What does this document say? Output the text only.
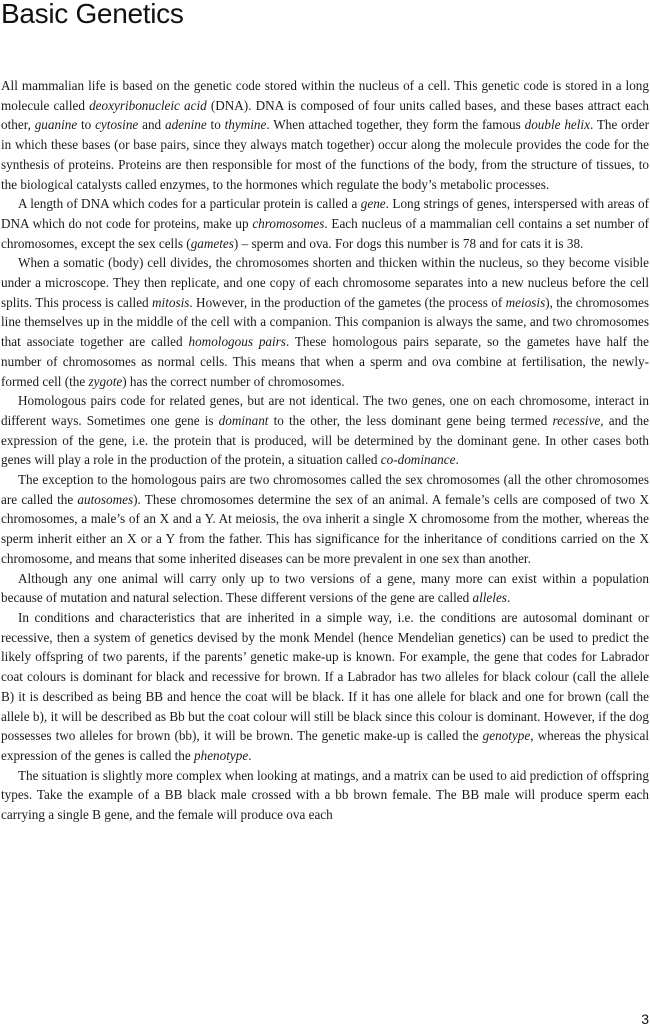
Basic Genetics

All mammalian life is based on the genetic code stored within the nucleus of a cell. This genetic code is stored in a long molecule called deoxyribonucleic acid (DNA). DNA is composed of four units called bases, and these bases attract each other, guanine to cytosine and adenine to thymine. When attached together, they form the famous double helix. The order in which these bases (or base pairs, since they always match together) occur along the molecule provides the code for the synthesis of proteins. Proteins are then responsible for most of the functions of the body, from the structure of tissues, to the biological catalysts called enzymes, to the hormones which regulate the body’s metabolic processes.

A length of DNA which codes for a particular protein is called a gene. Long strings of genes, interspersed with areas of DNA which do not code for proteins, make up chromosomes. Each nucleus of a mammalian cell contains a set number of chromosomes, except the sex cells (gametes) – sperm and ova. For dogs this number is 78 and for cats it is 38.

When a somatic (body) cell divides, the chromosomes shorten and thicken within the nucleus, so they become visible under a microscope. They then replicate, and one copy of each chromosome separates into a new nucleus before the cell splits. This process is called mitosis. However, in the production of the gametes (the process of meiosis), the chromosomes line themselves up in the middle of the cell with a companion. This companion is always the same, and two chromosomes that associate together are called homologous pairs. These homologous pairs separate, so the gametes have half the number of chromosomes as normal cells. This means that when a sperm and ova combine at fertilisation, the newly-formed cell (the zygote) has the correct number of chromosomes.

Homologous pairs code for related genes, but are not identical. The two genes, one on each chromosome, interact in different ways. Sometimes one gene is dominant to the other, the less dominant gene being termed recessive, and the expression of the gene, i.e. the protein that is produced, will be determined by the dominant gene. In other cases both genes will play a role in the production of the protein, a situation called co-dominance.

The exception to the homologous pairs are two chromosomes called the sex chromosomes (all the other chromosomes are called the autosomes). These chromosomes determine the sex of an animal. A female’s cells are composed of two X chromosomes, a male’s of an X and a Y. At meiosis, the ova inherit a single X chromosome from the mother, whereas the sperm inherit either an X or a Y from the father. This has significance for the inheritance of conditions carried on the X chromosome, and means that some inherited diseases can be more prevalent in one sex than another.

Although any one animal will carry only up to two versions of a gene, many more can exist within a population because of mutation and natural selection. These different versions of the gene are called alleles.

In conditions and characteristics that are inherited in a simple way, i.e. the conditions are autosomal dominant or recessive, then a system of genetics devised by the monk Mendel (hence Mendelian genetics) can be used to predict the likely offspring of two parents, if the parents’ genetic make-up is known. For example, the gene that codes for Labrador coat colours is dominant for black and recessive for brown. If a Labrador has two alleles for black colour (call the allele B) it is described as being BB and hence the coat will be black. If it has one allele for black and one for brown (call the allele b), it will be described as Bb but the coat colour will still be black since this colour is dominant. However, if the dog possesses two alleles for brown (bb), it will be brown. The genetic make-up is called the genotype, whereas the physical expression of the genes is called the phenotype.

The situation is slightly more complex when looking at matings, and a matrix can be used to aid prediction of offspring types. Take the example of a BB black male crossed with a bb brown female. The BB male will produce sperm each carrying a single B gene, and the female will produce ova each

3
